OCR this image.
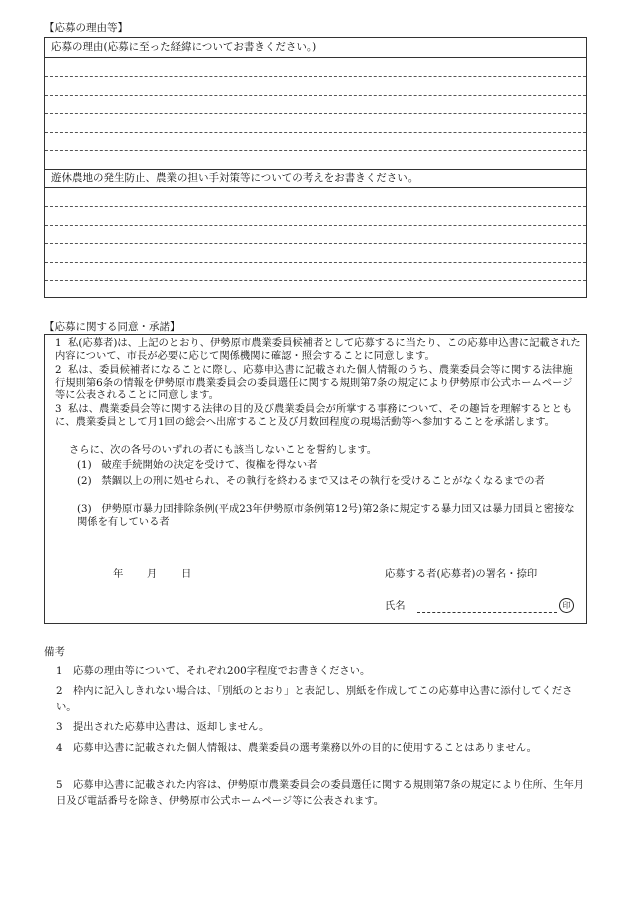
【応募の理由等】
応募の理由(応募に至った経緯についてお書きください。)
遊休農地の発生防止、農業の担い手対策等についての考えをお書きください。
【応募に関する同意・承諾】
1 私(応募者)は、上記のとおり、伊勢原市農業委員候補者として応募するに当たり、この応募申込書に記載された内容について、市長が必要に応じて関係機関に確認・照会することに同意します。
2 私は、委員候補者になることに際し、応募申込書に記載された個人情報のうち、農業委員会等に関する法律施行規則第6条の情報を伊勢原市農業委員会の委員選任に関する規則第7条の規定により伊勢原市公式ホームページ等に公表されることに同意します。
3 私は、農業委員会等に関する法律の目的及び農業委員会が所掌する事務について、その趣旨を理解するとともに、農業委員として月1回の総会へ出席すること及び月数回程度の現場活動等へ参加することを承諾します。
さらに、次の各号のいずれの者にも該当しないことを誓約します。
(1) 破産手続開始の決定を受けて、復権を得ない者
(2) 禁錮以上の刑に処せられ、その執行を終わるまで又はその執行を受けることがなくなるまでの者
(3) 伊勢原市暴力団排除条例(平成23年伊勢原市条例第12号)第2条に規定する暴力団又は暴力団員と密接な関係を有している者
年 月 日	応募する者(応募者)の署名・捺印
氏名	印
備考
1 応募の理由等について、それぞれ200字程度でお書きください。
2 枠内に記入しきれない場合は、「別紙のとおり」と表記し、別紙を作成してこの応募申込書に添付してください。
3 提出された応募申込書は、返却しません。
4 応募申込書に記載された個人情報は、農業委員の選考業務以外の目的に使用することはありません。
5 応募申込書に記載された内容は、伊勢原市農業委員会の委員選任に関する規則第7条の規定により住所、生年月日及び電話番号を除き、伊勢原市公式ホームページ等に公表されます。
